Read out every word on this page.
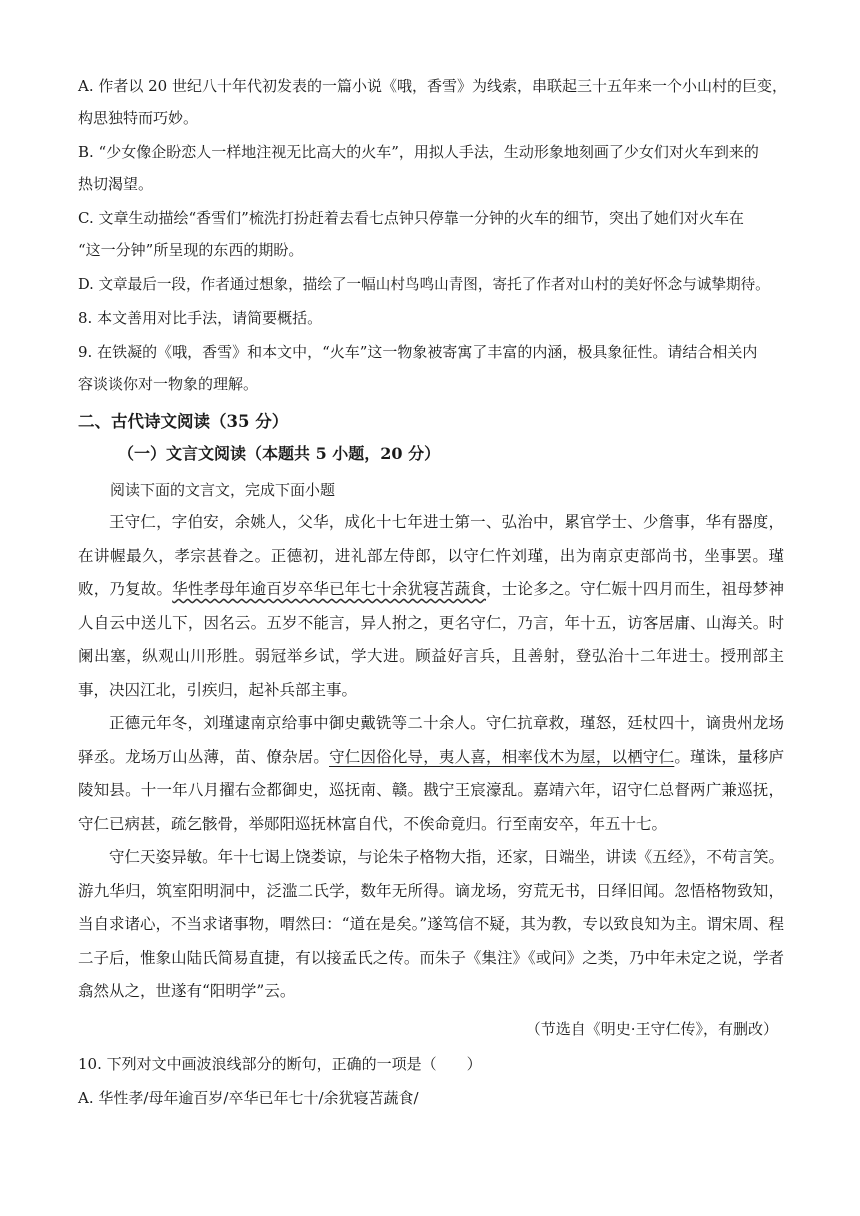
A. 作者以 20 世纪八十年代初发表的一篇小说《哦，香雪》为线索，串联起三十五年来一个小山村的巨变，
构思独特而巧妙。
B. “少女像企盼恋人一样地注视无比高大的火车”，用拟人手法，生动形象地刻画了少女们对火车到来的
热切渴望。
C. 文章生动描绘“香雪们”梳洗打扮赶着去看七点钟只停靠一分钟的火车的细节，突出了她们对火车在
“这一分钟”所呈现的东西的期盼。
D. 文章最后一段，作者通过想象，描绘了一幅山村鸟鸣山青图，寄托了作者对山村的美好怀念与诚挚期待。
8. 本文善用对比手法，请简要概括。
9. 在铁凝的《哦，香雪》和本文中，“火车”这一物象被寄寓了丰富的内涵，极具象征性。请结合相关内
容谈谈你对一物象的理解。
二、古代诗文阅读（35 分）
（一）文言文阅读（本题共 5 小题，20 分）
阅读下面的文言文，完成下面小题

王守仁，字伯安，余姚人，父华，成化十七年进士第一、弘治中，累官学士、少詹事，华有器度，在讲幄最久，孝宗甚眷之。正德初，进礼部左侍郎，以守仁忤刘瑾，出为南京吏部尚书，坐事罢。瑾败，乃复故。华性孝母年逾百岁卒华已年七十余犹寝苫蔬食，士论多之。守仁娠十四月而生，祖母梦神人自云中送儿下，因名云。五岁不能言，异人拊之，更名守仁，乃言，年十五，访客居庸、山海关。时阑出塞，纵观山川形胜。弱冠举乡试，学大进。顾益好言兵，且善射，登弘治十二年进士。授刑部主事，决囚江北，引疾归，起补兵部主事。

正德元年冬，刘瑾逮南京给事中御史戴铣等二十余人。守仁抗章救，瑾怒，廷杖四十，谪贵州龙场驿丞。龙场万山丛薄，苗、僚杂居。守仁因俗化导，夷人喜，相率伐木为屋，以栖守仁。瑾诛，量移庐陵知县。十一年八月擢右佥都御史，巡抚南、赣。戡宁王宸濠乱。嘉靖六年，诏守仁总督两广兼巡抚，守仁已病甚，疏乞骸骨，举郧阳巡抚林富自代，不俟命竟归。行至南安卒，年五十七。

守仁天姿异敏。年十七谒上饶娄谅，与论朱子格物大指，还家，日端坐，讲读《五经》，不苟言笑。游九华归，筑室阳明洞中，泛滥二氏学，数年无所得。谪龙场，穷荒无书，日绎旧闻。忽悟格物致知，当自求诸心，不当求诸事物，喟然曰：“道在是矣。”遂笃信不疑，其为教，专以致良知为主。谓宋周、程二子后，惟象山陆氏简易直捷，有以接孟氏之传。而朱子《集注》《或问》之类，乃中年未定之说，学者翕然从之，世遂有“阳明学”云。

（节选自《明史·王守仁传》，有删改）
10. 下列对文中画波浪线部分的断句，正确的一项是（　　）
A. 华性孝/母年逾百岁/卒华已年七十/余犹寝苫蔬食/
